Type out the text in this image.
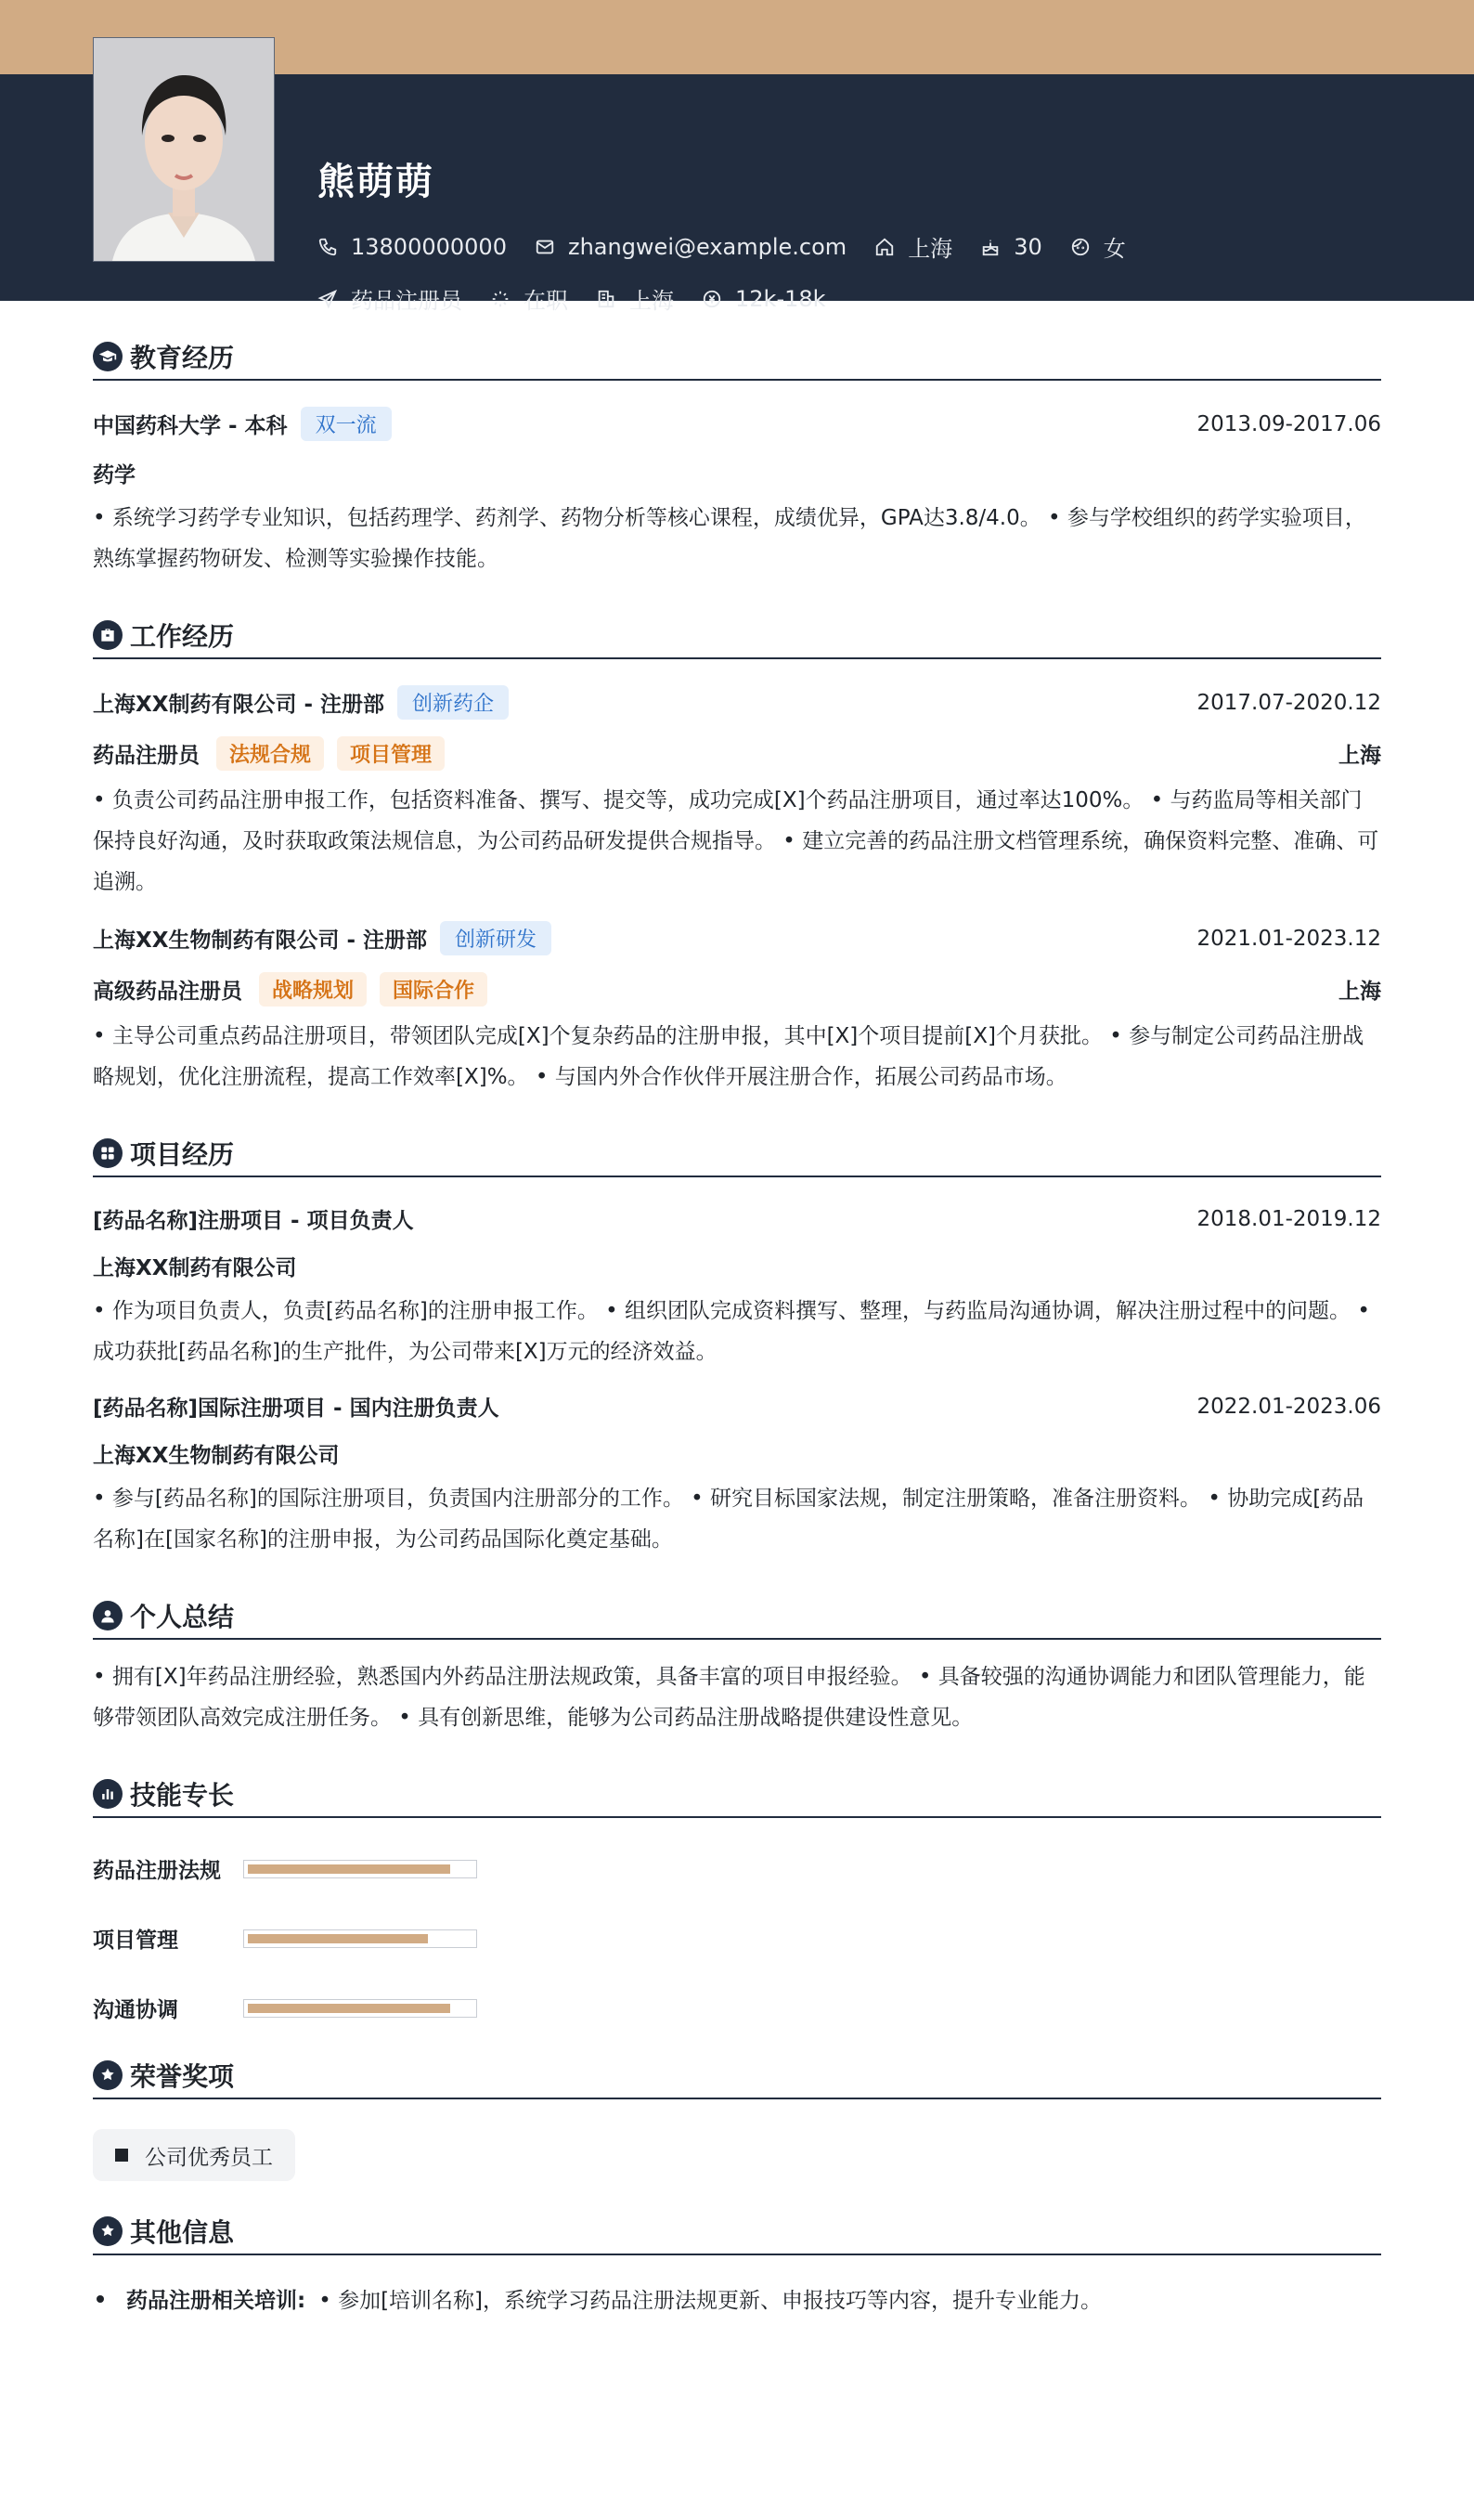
熊萌萌
13800000000	zhangwei@example.com	上海	30	女
药品注册员	在职	上海	12k-18k
教育经历
中国药科大学 - 本科	双一流	2013.09-2017.06
药学
• 系统学习药学专业知识，包括药理学、药剂学、药物分析等核心课程，成绩优异，GPA达3.8/4.0。 • 参与学校组织的药学实验项目，熟练掌握药物研发、检测等实验操作技能。
工作经历
上海XX制药有限公司 - 注册部	创新药企	2017.07-2020.12
药品注册员	法规合规	项目管理	上海
• 负责公司药品注册申报工作，包括资料准备、撰写、提交等，成功完成[X]个药品注册项目，通过率达100%。 • 与药监局等相关部门保持良好沟通，及时获取政策法规信息，为公司药品研发提供合规指导。 • 建立完善的药品注册文档管理系统，确保资料完整、准确、可追溯。
上海XX生物制药有限公司 - 注册部	创新研发	2021.01-2023.12
高级药品注册员	战略规划	国际合作	上海
• 主导公司重点药品注册项目，带领团队完成[X]个复杂药品的注册申报，其中[X]个项目提前[X]个月获批。 • 参与制定公司药品注册战略规划，优化注册流程，提高工作效率[X]%。 • 与国内外合作伙伴开展注册合作，拓展公司药品市场。
项目经历
[药品名称]注册项目 - 项目负责人	2018.01-2019.12
上海XX制药有限公司
• 作为项目负责人，负责[药品名称]的注册申报工作。 • 组织团队完成资料撰写、整理，与药监局沟通协调，解决注册过程中的问题。 • 成功获批[药品名称]的生产批件，为公司带来[X]万元的经济效益。
[药品名称]国际注册项目 - 国内注册负责人	2022.01-2023.06
上海XX生物制药有限公司
• 参与[药品名称]的国际注册项目，负责国内注册部分的工作。 • 研究目标国家法规，制定注册策略，准备注册资料。 • 协助完成[药品名称]在[国家名称]的注册申报，为公司药品国际化奠定基础。
个人总结
• 拥有[X]年药品注册经验，熟悉国内外药品注册法规政策，具备丰富的项目申报经验。 • 具备较强的沟通协调能力和团队管理能力，能够带领团队高效完成注册任务。 • 具有创新思维，能够为公司药品注册战略提供建设性意见。
技能专长
药品注册法规
项目管理
沟通协调
荣誉奖项
公司优秀员工
其他信息
药品注册相关培训: • 参加[培训名称]，系统学习药品注册法规更新、申报技巧等内容，提升专业能力。
